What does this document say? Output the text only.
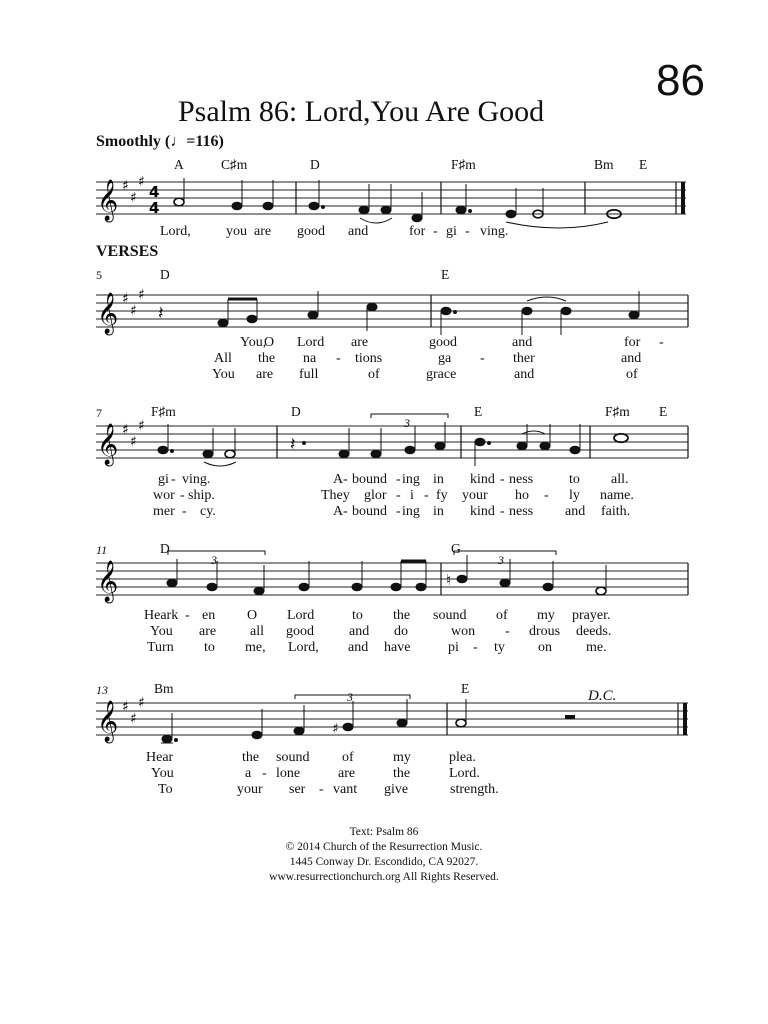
86
Psalm 86: Lord,You Are Good
Smoothly (♩=116)
A	C♯m	D	F♯m	Bm E
𝄞 ♯
♯
♯
4
4
Lord,	you are good and	for - gi - ving.
VERSES
5	D	E
𝄞 ♯
♯
♯
𝄽
You,
O Lord are	good	and	for -
All the na - tions	ga - ther	and
You are full	of	grace	and	of
7	F♯m	D	E	F♯m E
3
𝄞 ♯
♯
♯
𝄽
gi - ving.	A - bound - ing in kind - ness	to all.
wor - ship.	They glor - i - fy your ho - ly name.
mer - cy.	A - bound - ing in kind - ness and faith.
11	D	G
3	3
𝄞	♮
Heark - en O Lord	to the sound of my prayer.
You are all good	and do	won - drous deeds.
Turn to me, Lord, and have	pi - ty on me.
13	Bm	E
3	D.C.
𝄞 ♯
♯
♯
♯
Hear	the sound of	my	plea.
You	a - lone	are	the	Lord.
To	your ser - vant give	strength.
Text: Psalm 86
© 2014 Church of the Resurrection Music.
1445 Conway Dr. Escondido, CA 92027.
www.resurrectionchurch.org All Rights Reserved.
